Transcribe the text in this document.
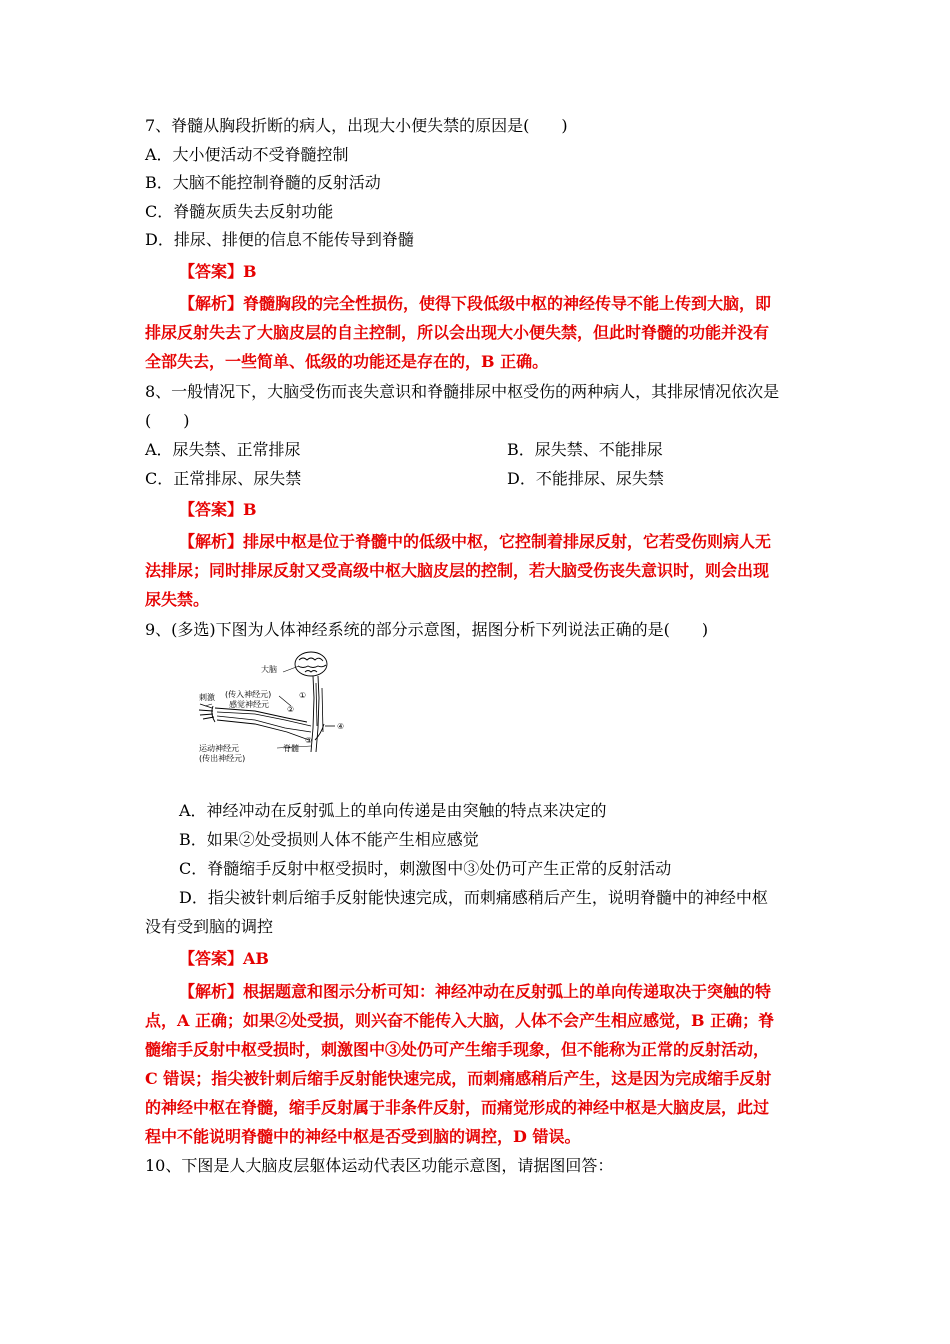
7、脊髓从胸段折断的病人，出现大小便失禁的原因是(　　)
A．大小便活动不受脊髓控制
B．大脑不能控制脊髓的反射活动
C．脊髓灰质失去反射功能
D．排尿、排便的信息不能传导到脊髓
【答案】B
【解析】脊髓胸段的完全性损伤，使得下段低级中枢的神经传导不能上传到大脑，即
排尿反射失去了大脑皮层的自主控制，所以会出现大小便失禁，但此时脊髓的功能并没有
全部失去，一些简单、低级的功能还是存在的，B 正确。
8、一般情况下，大脑受伤而丧失意识和脊髓排尿中枢受伤的两种病人，其排尿情况依次是
(　　)
A．尿失禁、正常排尿	B．尿失禁、不能排尿
C．正常排尿、尿失禁	D．不能排尿、尿失禁
【答案】B
【解析】排尿中枢是位于脊髓中的低级中枢，它控制着排尿反射，它若受伤则病人无
法排尿；同时排尿反射又受高级中枢大脑皮层的控制，若大脑受伤丧失意识时，则会出现
尿失禁。
9、(多选)下图为人体神经系统的部分示意图，据图分析下列说法正确的是(　　)
大脑
刺激 (传入神经元)
感觉神经元
运动神经元
(传出神经元)
脊髓
①
②
③
④
A．神经冲动在反射弧上的单向传递是由突触的特点来决定的
B．如果②处受损则人体不能产生相应感觉
C．脊髓缩手反射中枢受损时，刺激图中③处仍可产生正常的反射活动
D．指尖被针刺后缩手反射能快速完成，而刺痛感稍后产生，说明脊髓中的神经中枢
没有受到脑的调控
【答案】AB
【解析】根据题意和图示分析可知：神经冲动在反射弧上的单向传递取决于突触的特
点，A 正确；如果②处受损，则兴奋不能传入大脑，人体不会产生相应感觉，B 正确；脊
髓缩手反射中枢受损时，刺激图中③处仍可产生缩手现象，但不能称为正常的反射活动，
C 错误；指尖被针刺后缩手反射能快速完成，而刺痛感稍后产生，这是因为完成缩手反射
的神经中枢在脊髓，缩手反射属于非条件反射，而痛觉形成的神经中枢是大脑皮层，此过
程中不能说明脊髓中的神经中枢是否受到脑的调控，D 错误。
10、下图是人大脑皮层躯体运动代表区功能示意图，请据图回答：
